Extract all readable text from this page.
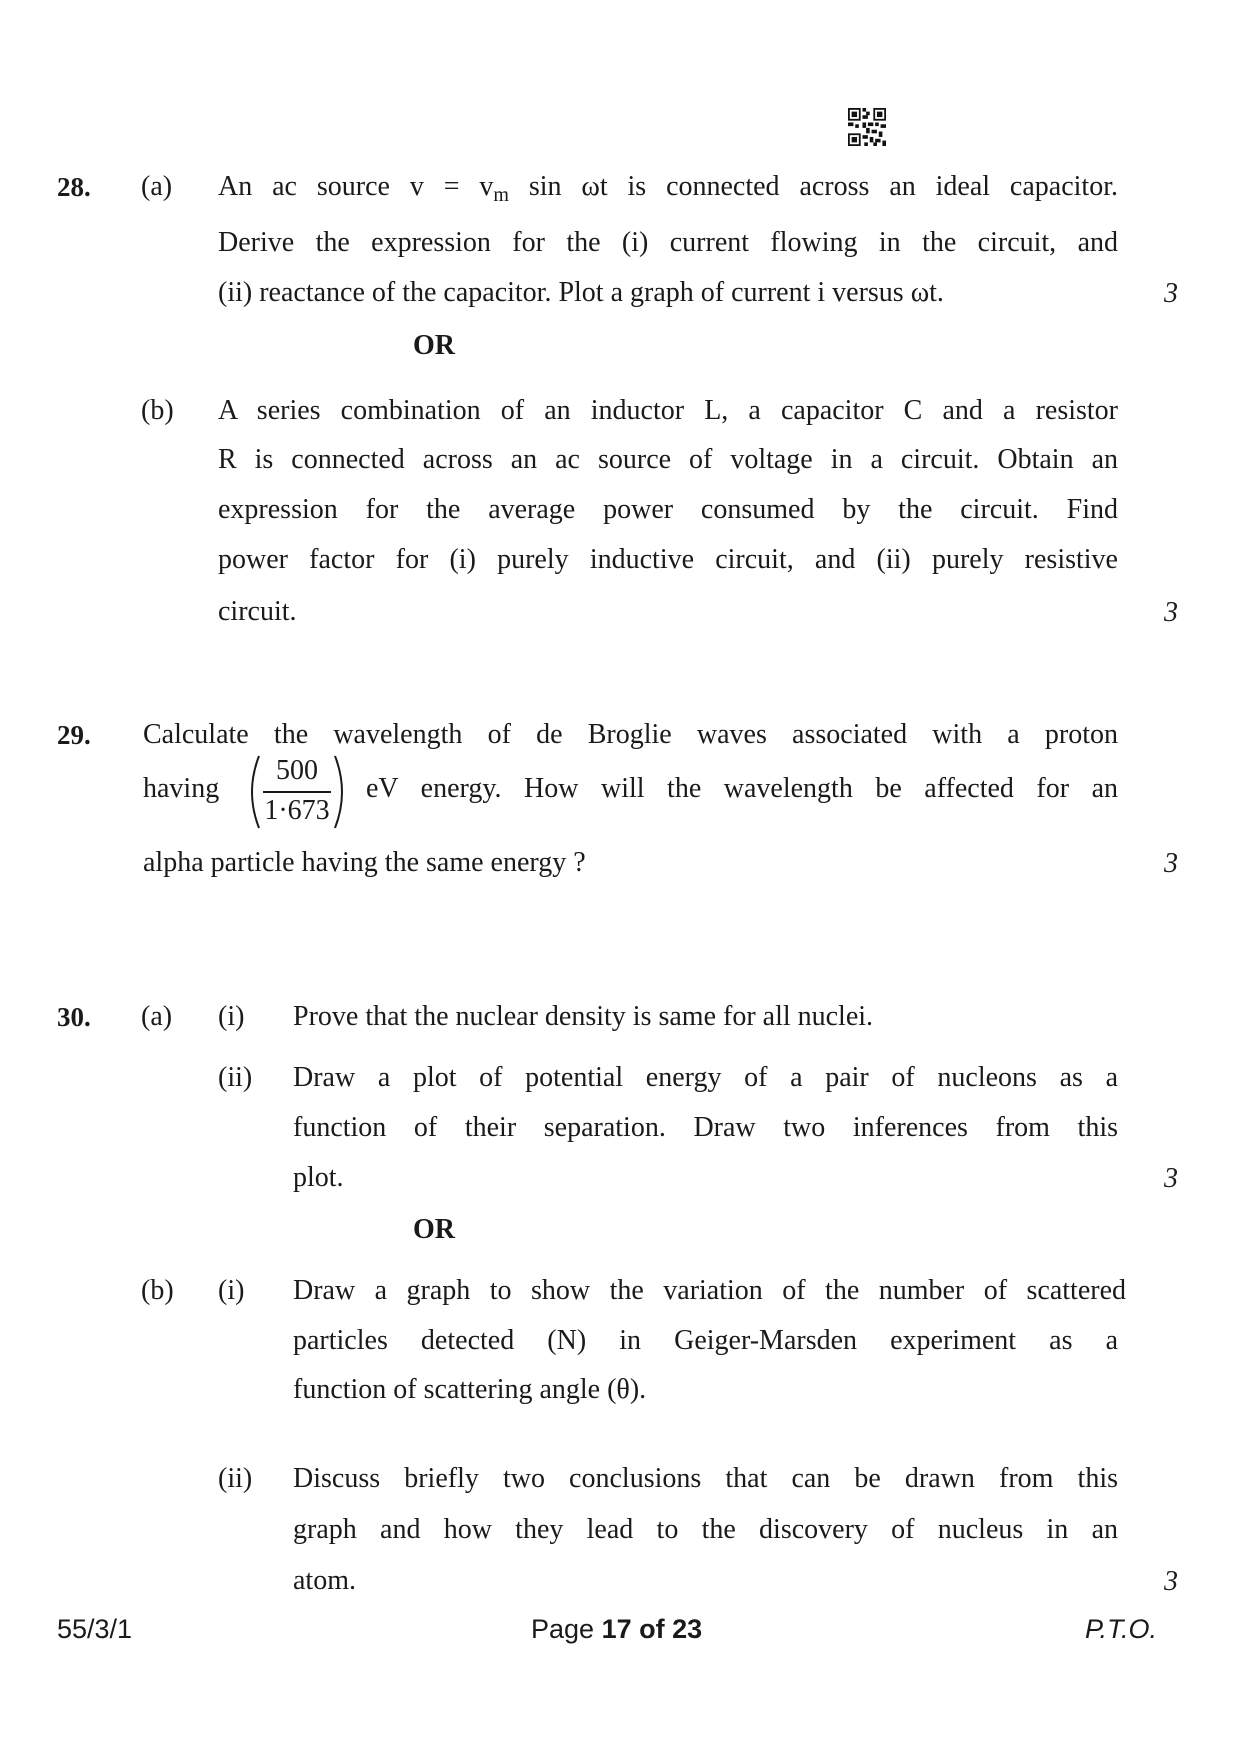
28. (a) An ac source $v = v_m$ sin ωt is connected across an ideal capacitor.
Derive the expression for the (i) current flowing in the circuit, and
(ii) reactance of the capacitor. Plot a graph of current i versus ωt.	3
OR
(b) A series combination of an inductor L, a capacitor C and a resistor
R is connected across an ac source of voltage in a circuit. Obtain an
expression for the average power consumed by the circuit. Find
power factor for (i) purely inductive circuit, and (ii) purely resistive
circuit.	3
29. Calculate the wavelength of de Broglie waves associated with a proton
having
500
1·673
eV energy. How will the wavelength be affected for an
alpha particle having the same energy ?	3
30. (a) (i) Prove that the nuclear density is same for all nuclei.
(ii) Draw a plot of potential energy of a pair of nucleons as a
function of their separation. Draw two inferences from this
plot.	3
OR
(b) (i) Draw a graph to show the variation of the number of scattered
particles detected (N) in Geiger-Marsden experiment as a
function of scattering angle (θ).
(ii) Discuss briefly two conclusions that can be drawn from this
graph and how they lead to the discovery of nucleus in an
atom.	3
55/3/1	Page 17 of 23	P.T.O.
